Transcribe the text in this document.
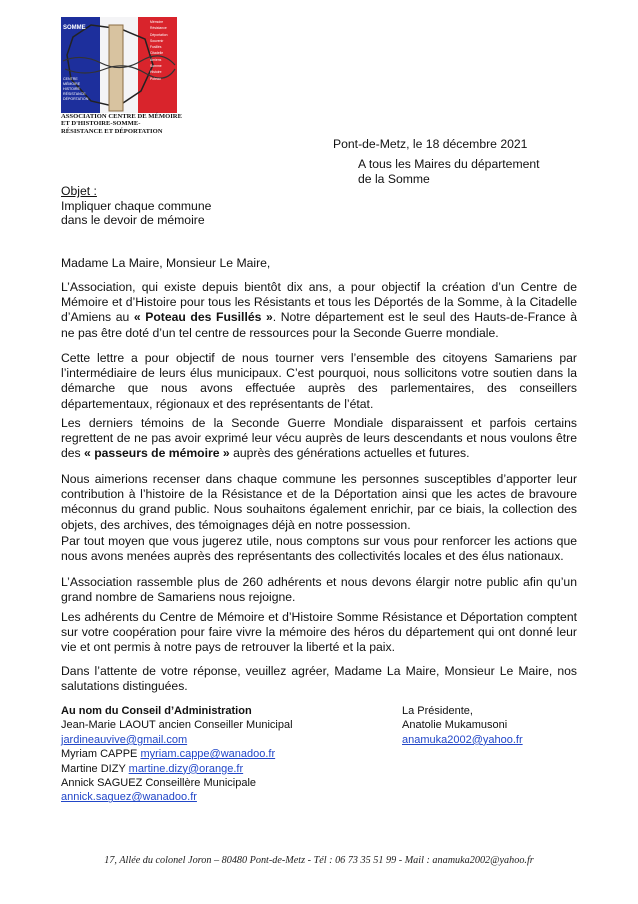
SOMME
CENTRE
MÉMOIRE
HISTOIRE
RÉSISTANCE
DÉPORTATION
Mémoire
Résistance
Déportation
Souvenir
Fusillés
Citadelle
Amiens
Somme
Histoire
Poteau
ASSOCIATION CENTRE DE MÉMOIRE
ET D'HISTOIRE-SOMME-
RÉSISTANCE ET DÉPORTATION
Pont-de-Metz, le 18 décembre 2021
A tous les Maires du département
de la Somme
Objet :
Impliquer chaque commune
dans le devoir de mémoire
Madame La Maire, Monsieur Le Maire,
L’Association, qui existe depuis bientôt dix ans, a pour objectif la création d’un Centre de Mémoire et d’Histoire pour tous les Résistants et tous les Déportés de la Somme, à la Citadelle d’Amiens au « Poteau des Fusillés ». Notre département est le seul des Hauts-de-France à ne pas être doté d’un tel centre de ressources pour la Seconde Guerre mondiale.
Cette lettre a pour objectif de nous tourner vers l’ensemble des citoyens Samariens par l’intermédiaire de leurs élus municipaux. C’est pourquoi, nous sollicitons votre soutien dans la démarche que nous avons effectuée auprès des parlementaires, des conseillers départementaux, régionaux et des représentants de l’état.
Les derniers témoins de la Seconde Guerre Mondiale disparaissent et parfois certains regrettent de ne pas avoir exprimé leur vécu auprès de leurs descendants et nous voulons être des « passeurs de mémoire » auprès des générations actuelles et futures.
Nous aimerions recenser dans chaque commune les personnes susceptibles d’apporter leur contribution à l’histoire de la Résistance et de la Déportation ainsi que les actes de bravoure méconnus du grand public. Nous souhaitons également enrichir, par ce biais, la collection des objets, des archives, des témoignages déjà en notre possession.
Par tout moyen que vous jugerez utile, nous comptons sur vous pour renforcer les actions que nous avons menées auprès des représentants des collectivités locales et des élus nationaux.
L’Association rassemble plus de 260 adhérents et nous devons élargir notre public afin qu’un grand nombre de Samariens nous rejoigne.
Les adhérents du Centre de Mémoire et d’Histoire Somme Résistance et Déportation comptent sur votre coopération pour faire vivre la mémoire des héros du département qui ont donné leur vie et ont permis à notre pays de retrouver la liberté et la paix.
Dans l’attente de votre réponse, veuillez agréer, Madame La Maire, Monsieur Le Maire, nos salutations distinguées.
Au nom du Conseil d’Administration
Jean-Marie LAOUT ancien Conseiller Municipal
jardineauvive@gmail.com
Myriam CAPPE myriam.cappe@wanadoo.fr
Martine DIZY martine.dizy@orange.fr
Annick SAGUEZ Conseillère Municipale
annick.saguez@wanadoo.fr
La Présidente,
Anatolie Mukamusoni
anamuka2002@yahoo.fr
17, Allée du colonel Joron – 80480 Pont-de-Metz - Tél : 06 73 35 51 99 - Mail : anamuka2002@yahoo.fr
